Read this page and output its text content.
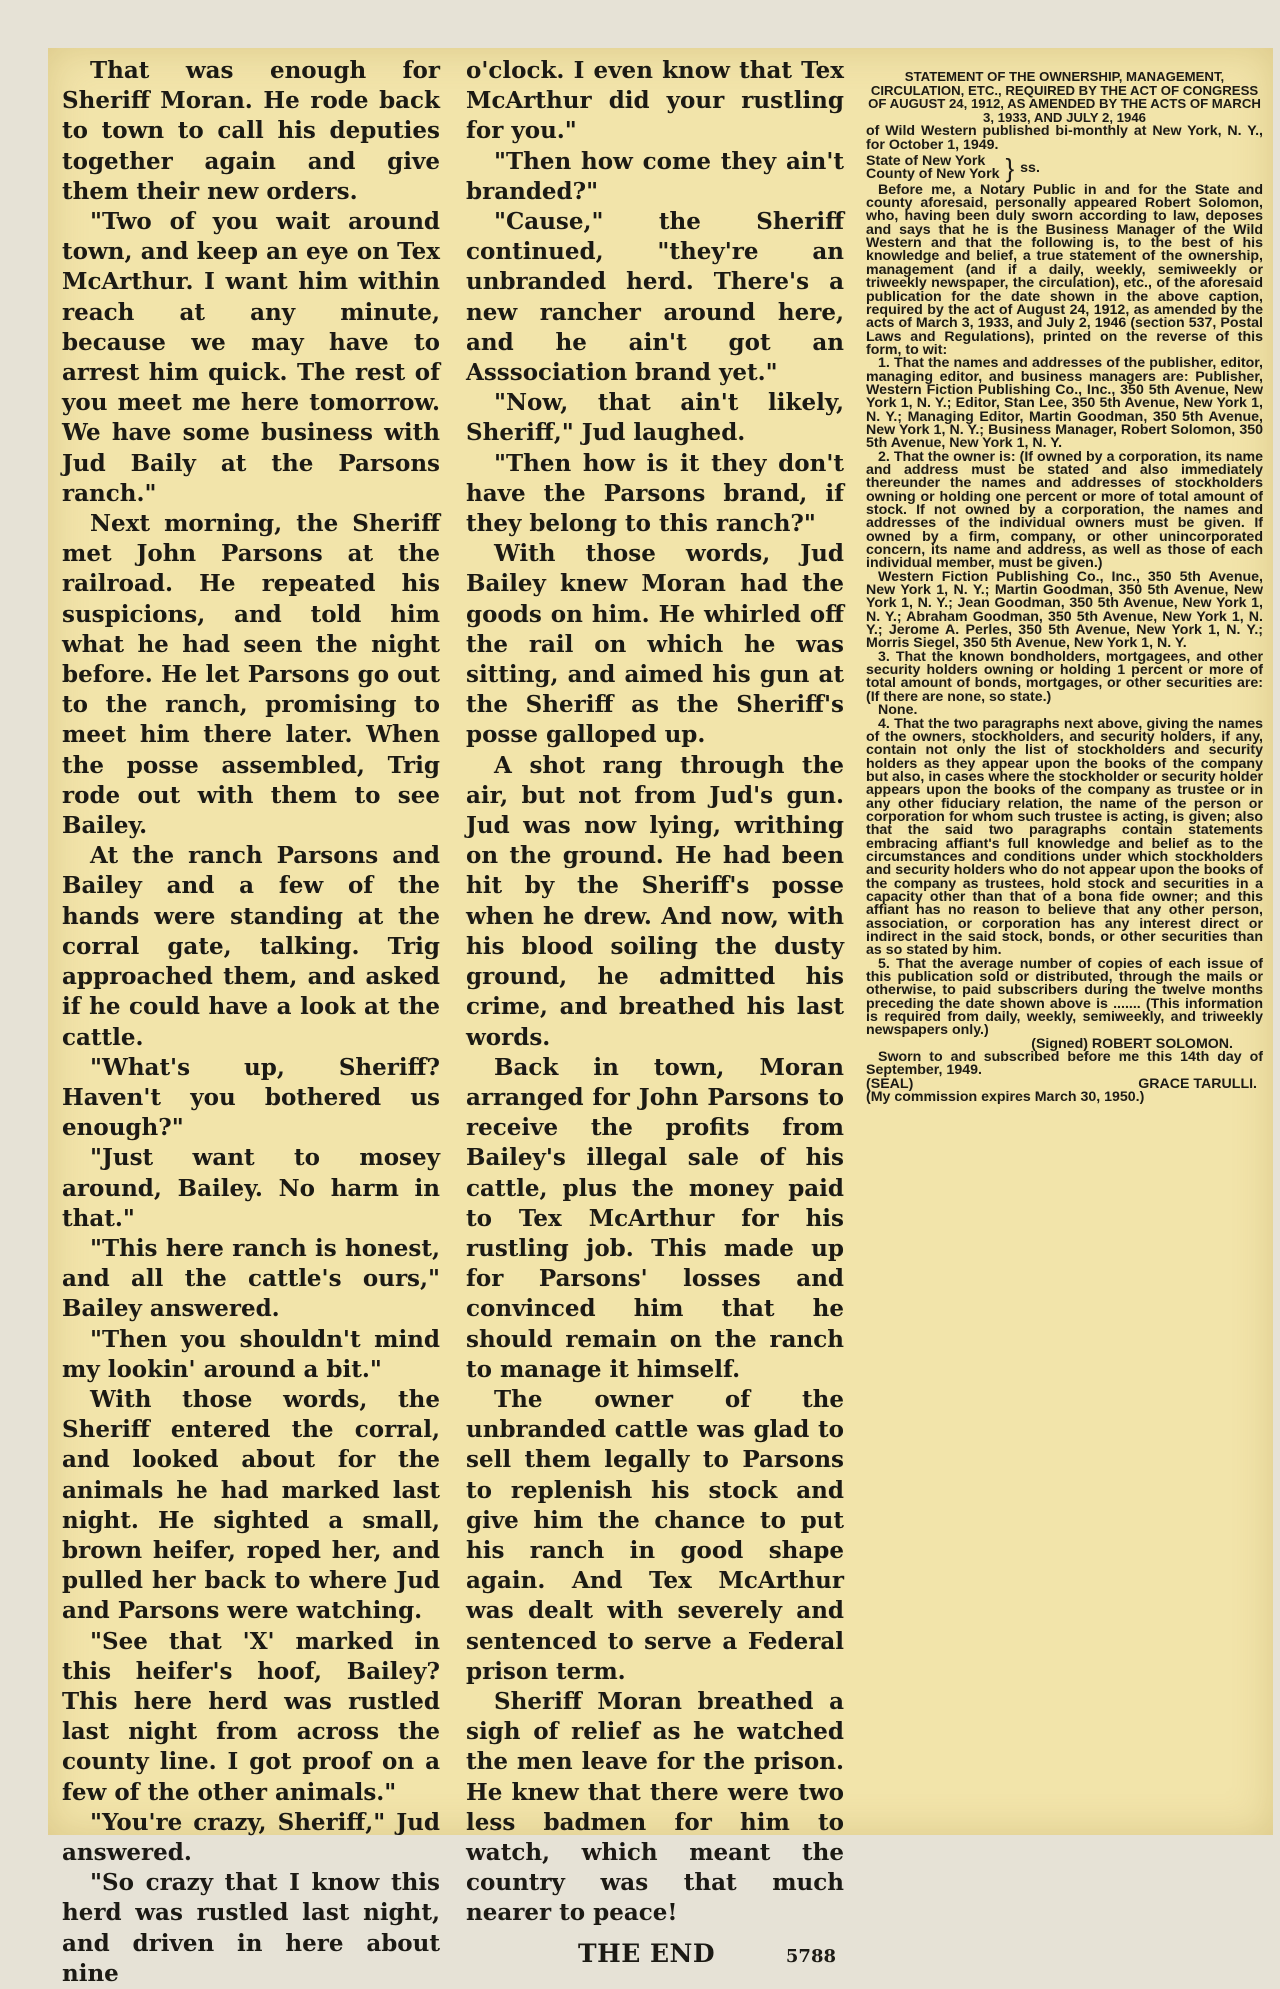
That was enough for Sheriff Moran. He rode back to town to call his deputies together again and give them their new orders.

"Two of you wait around town, and keep an eye on Tex McArthur. I want him within reach at any minute, because we may have to arrest him quick. The rest of you meet me here tomorrow. We have some business with Jud Baily at the Parsons ranch."

Next morning, the Sheriff met John Parsons at the railroad. He repeated his suspicions, and told him what he had seen the night before. He let Parsons go out to the ranch, promising to meet him there later. When the posse assembled, Trig rode out with them to see Bailey.

At the ranch Parsons and Bailey and a few of the hands were standing at the corral gate, talking. Trig approached them, and asked if he could have a look at the cattle.

"What's up, Sheriff? Haven't you bothered us enough?"

"Just want to mosey around, Bailey. No harm in that."

"This here ranch is honest, and all the cattle's ours," Bailey answered.

"Then you shouldn't mind my lookin' around a bit."

With those words, the Sheriff entered the corral, and looked about for the animals he had marked last night. He sighted a small, brown heifer, roped her, and pulled her back to where Jud and Parsons were watching.

"See that 'X' marked in this heifer's hoof, Bailey? This here herd was rustled last night from across the county line. I got proof on a few of the other animals."

"You're crazy, Sheriff," Jud answered.

"So crazy that I know this herd was rustled last night, and driven in here about nine

o'clock. I even know that Tex McArthur did your rustling for you."

"Then how come they ain't branded?"

"Cause," the Sheriff continued, "they're an unbranded herd. There's a new rancher around here, and he ain't got an Asssociation brand yet."

"Now, that ain't likely, Sheriff," Jud laughed.

"Then how is it they don't have the Parsons brand, if they belong to this ranch?"

With those words, Jud Bailey knew Moran had the goods on him. He whirled off the rail on which he was sitting, and aimed his gun at the Sheriff as the Sheriff's posse galloped up.

A shot rang through the air, but not from Jud's gun. Jud was now lying, writhing on the ground. He had been hit by the Sheriff's posse when he drew. And now, with his blood soiling the dusty ground, he admitted his crime, and breathed his last words.

Back in town, Moran arranged for John Parsons to receive the profits from Bailey's illegal sale of his cattle, plus the money paid to Tex McArthur for his rustling job. This made up for Parsons' losses and convinced him that he should remain on the ranch to manage it himself.

The owner of the unbranded cattle was glad to sell them legally to Parsons to replenish his stock and give him the chance to put his ranch in good shape again. And Tex McArthur was dealt with severely and sentenced to serve a Federal prison term.

Sheriff Moran breathed a sigh of relief as he watched the men leave for the prison. He knew that there were two less badmen for him to watch, which meant the country was that much nearer to peace!

THE END	5788

STATEMENT OF THE OWNERSHIP, MANAGEMENT, CIRCULATION, ETC., REQUIRED BY THE ACT OF CONGRESS OF AUGUST 24, 1912, AS AMENDED BY THE ACTS OF MARCH 3, 1933, AND JULY 2, 1946

of Wild Western published bi-monthly at New York, N. Y., for October 1, 1949.

State of New York
County of New York } ss.

Before me, a Notary Public in and for the State and county aforesaid, personally appeared Robert Solomon, who, having been duly sworn according to law, deposes and says that he is the Business Manager of the Wild Western and that the following is, to the best of his knowledge and belief, a true statement of the ownership, management (and if a daily, weekly, semiweekly or triweekly newspaper, the circulation), etc., of the aforesaid publication for the date shown in the above caption, required by the act of August 24, 1912, as amended by the acts of March 3, 1933, and July 2, 1946 (section 537, Postal Laws and Regulations), printed on the reverse of this form, to wit:

1. That the names and addresses of the publisher, editor, managing editor, and business managers are: Publisher, Western Fiction Publishing Co., Inc., 350 5th Avenue, New York 1, N. Y.; Editor, Stan Lee, 350 5th Avenue, New York 1, N. Y.; Managing Editor, Martin Goodman, 350 5th Avenue, New York 1, N. Y.; Business Manager, Robert Solomon, 350 5th Avenue, New York 1, N. Y.

2. That the owner is: (If owned by a corporation, its name and address must be stated and also immediately thereunder the names and addresses of stockholders owning or holding one percent or more of total amount of stock. If not owned by a corporation, the names and addresses of the individual owners must be given. If owned by a firm, company, or other unincorporated concern, its name and address, as well as those of each individual member, must be given.)

Western Fiction Publishing Co., Inc., 350 5th Avenue, New York 1, N. Y.; Martin Goodman, 350 5th Avenue, New York 1, N. Y.; Jean Goodman, 350 5th Avenue, New York 1, N. Y.; Abraham Goodman, 350 5th Avenue, New York 1, N. Y.; Jerome A. Perles, 350 5th Avenue, New York 1, N. Y.; Morris Siegel, 350 5th Avenue, New York 1, N. Y.

3. That the known bondholders, mortgagees, and other security holders owning or holding 1 percent or more of total amount of bonds, mortgages, or other securities are: (If there are none, so state.)

None.

4. That the two paragraphs next above, giving the names of the owners, stockholders, and security holders, if any, contain not only the list of stockholders and security holders as they appear upon the books of the company but also, in cases where the stockholder or security holder appears upon the books of the company as trustee or in any other fiduciary relation, the name of the person or corporation for whom such trustee is acting, is given; also that the said two paragraphs contain statements embracing affiant's full knowledge and belief as to the circumstances and conditions under which stockholders and security holders who do not appear upon the books of the company as trustees, hold stock and securities in a capacity other than that of a bona fide owner; and this affiant has no reason to believe that any other person, association, or corporation has any interest direct or indirect in the said stock, bonds, or other securities than as so stated by him.

5. That the average number of copies of each issue of this publication sold or distributed, through the mails or otherwise, to paid subscribers during the twelve months preceding the date shown above is ....... (This information is required from daily, weekly, semiweekly, and triweekly newspapers only.)

(Signed) ROBERT SOLOMON.

Sworn to and subscribed before me this 14th day of September, 1949.

(SEAL)	GRACE TARULLI.

(My commission expires March 30, 1950.)
